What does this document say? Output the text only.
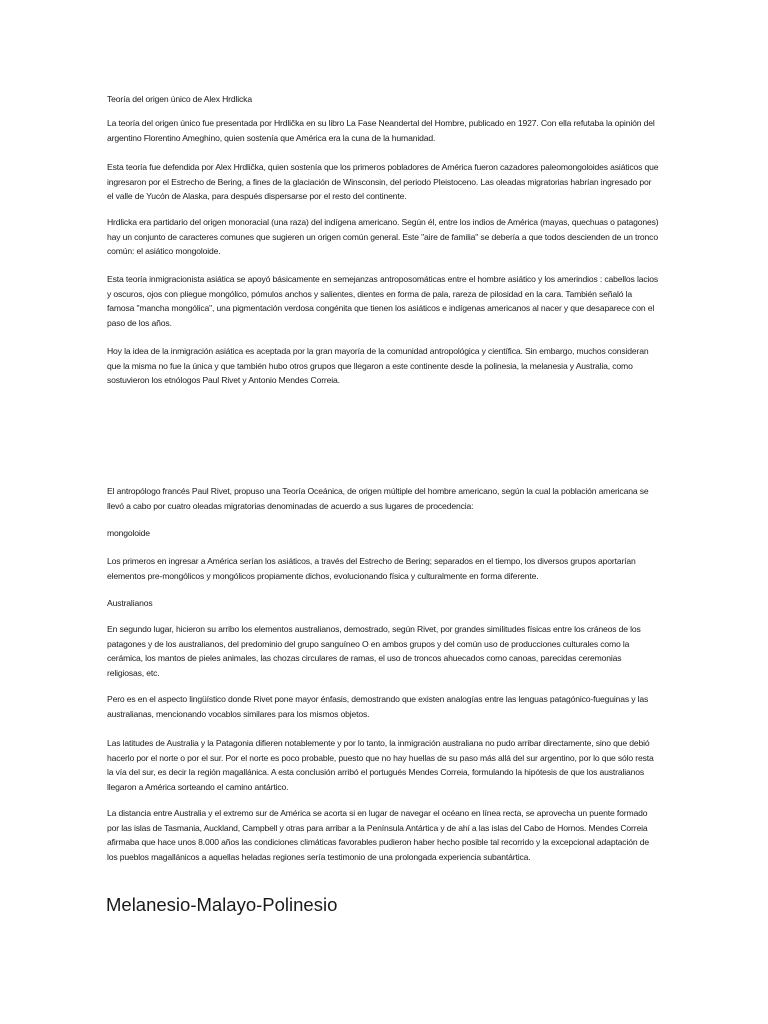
Teoría del origen único de Alex Hrdlicka

La teoría del origen único fue presentada por Hrdlička en su libro La Fase Neandertal del Hombre, publicado en 1927. Con ella refutaba la opinión del argentino Florentino Ameghino, quien sostenía que América era la cuna de la humanidad.

Esta teoría fue defendida por Alex Hrdlička, quien sostenía que los primeros pobladores de América fueron cazadores paleomongoloides asiáticos que ingresaron por el Estrecho de Bering, a fines de la glaciación de Winsconsin, del periodo Pleistoceno. Las oleadas migratorias habrían ingresado por el valle de Yucón de Alaska, para después dispersarse por el resto del continente.

Hrdlicka era partidario del origen monoracial (una raza) del indígena americano. Según él, entre los indios de América (mayas, quechuas o patagones) hay un conjunto de caracteres comunes que sugieren un origen común general. Este "aire de familia" se debería a que todos descienden de un tronco común: el asiático mongoloide.

Esta teoría inmigracionista asiática se apoyó básicamente en semejanzas antroposomáticas entre el hombre asiático y los amerindios : cabellos lacios y oscuros, ojos con pliegue mongólico, pómulos anchos y salientes, dientes en forma de pala, rareza de pilosidad en la cara. También señaló la famosa "mancha mongólica", una pigmentación verdosa congénita que tienen los asiáticos e indígenas americanos al nacer y que desaparece con el paso de los años.

Hoy la idea de la inmigración asiática es aceptada por la gran mayoría de la comunidad antropológica y científica. Sin embargo, muchos consideran que la misma no fue la única y que también hubo otros grupos que llegaron a este continente desde la polinesia, la melanesia y Australia, como sostuvieron los etnólogos Paul Rivet y Antonio Mendes Correia.

El antropólogo francés Paul Rivet, propuso una Teoría Oceánica, de origen múltiple del hombre americano, según la cual la población americana se llevó a cabo por cuatro oleadas migratorias denominadas de acuerdo a sus lugares de procedencia:

mongoloide

Los primeros en ingresar a América serían los asiáticos, a través del Estrecho de Bering; separados en el tiempo, los diversos grupos aportarían elementos pre-mongólicos y mongólicos propiamente dichos, evolucionando física y culturalmente en forma diferente.

Australianos

En segundo lugar, hicieron su arribo los elementos australianos, demostrado, según Rivet, por grandes similitudes físicas entre los cráneos de los patagones y de los australianos, del predominio del grupo sanguíneo O en ambos grupos y del común uso de producciones culturales como la cerámica, los mantos de pieles animales, las chozas circulares de ramas, el uso de troncos ahuecados como canoas, parecidas ceremonias religiosas, etc.

Pero es en el aspecto lingüístico donde Rivet pone mayor énfasis, demostrando que existen analogías entre las lenguas patagónico-fueguinas y las australianas, mencionando vocablos similares para los mismos objetos.

Las latitudes de Australia y la Patagonia difieren notablemente y por lo tanto, la inmigración australiana no pudo arribar directamente, sino que debió hacerlo por el norte o por el sur. Por el norte es poco probable, puesto que no hay huellas de su paso más allá del sur argentino, por lo que sólo resta la vía del sur, es decir la región magallánica. A esta conclusión arribó el portugués Mendes Correia, formulando la hipótesis de que los australianos llegaron a América sorteando el camino antártico.

La distancia entre Australia y el extremo sur de América se acorta si en lugar de navegar el océano en línea recta, se aprovecha un puente formado por las islas de Tasmania, Auckland, Campbell y otras para arribar a la Península Antártica y de ahí a las islas del Cabo de Hornos. Mendes Correia afirmaba que hace unos 8.000 años las condiciones climáticas favorables pudieron haber hecho posible tal recorrido y la excepcional adaptación de los pueblos magallánicos a aquellas heladas regiones sería testimonio de una prolongada experiencia subantártica.

Melanesio-Malayo-Polinesio
